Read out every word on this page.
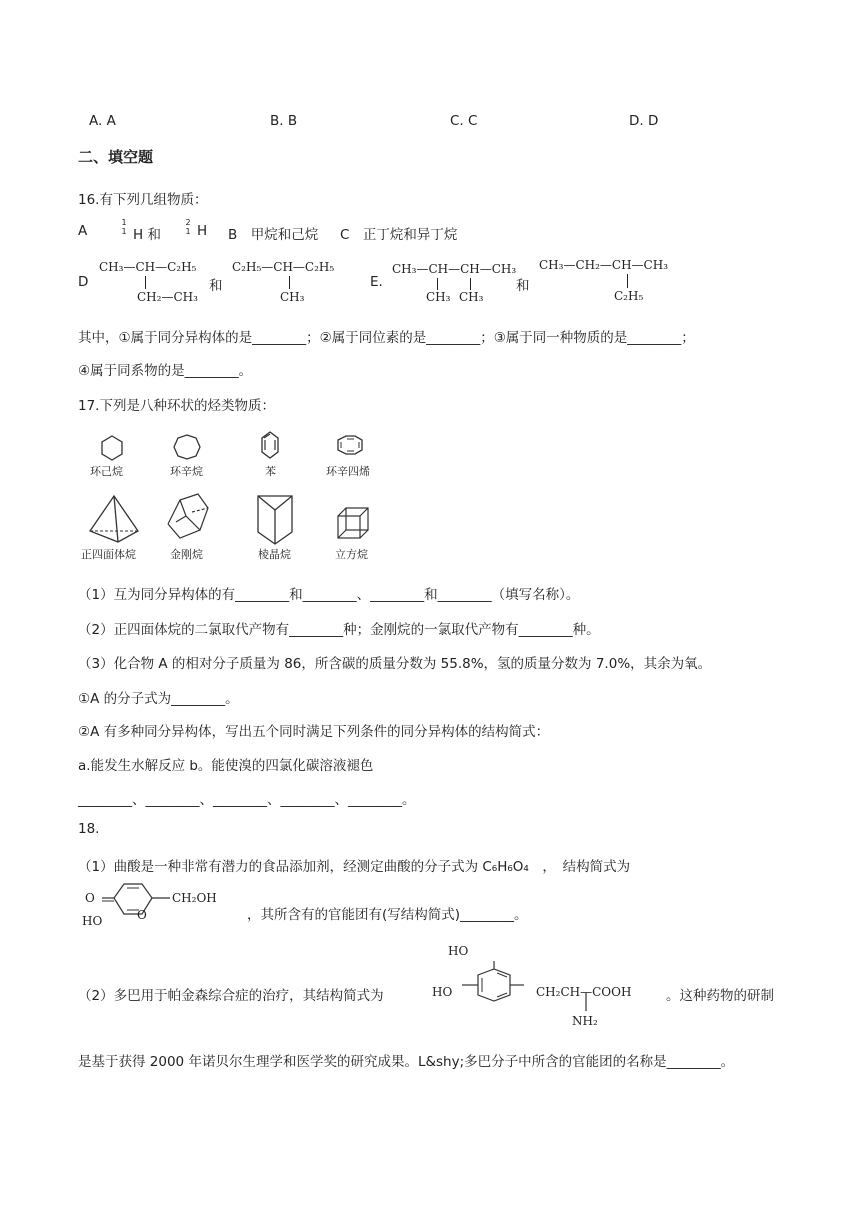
A. A	B. B	C. C	D. D
二、填空题
16.有下列几组物质：
A
1
1 H 和
2
1 H B　甲烷和己烷 C　正丁烷和异丁烷
D
CH₃—CH—C₂H₅
CH₂—CH₃
和
C₂H₅—CH—C₂H₅
CH₃
E.
CH₃—CH—CH—CH₃
CH₃ CH₃
和
CH₃—CH₂—CH—CH₃
C₂H₅
其中，①属于同分异构体的是________；②属于同位素的是________；③属于同一种物质的是________；
④属于同系物的是________。
17.下列是八种环状的烃类物质：
环己烷	环辛烷	苯	环辛四烯
正四面体烷	金刚烷	棱晶烷	立方烷
（1）互为同分异构体的有________和________、________和________（填写名称）。
（2）正四面体烷的二氯取代产物有________种；金刚烷的一氯取代产物有________种。
（3）化合物 A 的相对分子质量为 86，所含碳的质量分数为 55.8%，氢的质量分数为 7.0%，其余为氧。
①A 的分子式为________。
②A 有多种同分异构体，写出五个同时满足下列条件的同分异构体的结构简式：
a.能发生水解反应 b。能使溴的四氯化碳溶液褪色
________、________、________、________、________。
18.
（1）曲酸是一种非常有潜力的食品添加剂，经测定曲酸的分子式为 C₆H₆O₄　，　结构简式为
O
HO
CH₂OH
O	，其所含有的官能团有(写结构简式)________。
（2）多巴用于帕金森综合症的治疗，其结构简式为
HO
HO	CH₂CH—COOH
NH₂
。这种药物的研制
是基于获得 2000 年诺贝尔生理学和医学奖的研究成果。L&shy;多巴分子中所含的官能团的名称是________。
